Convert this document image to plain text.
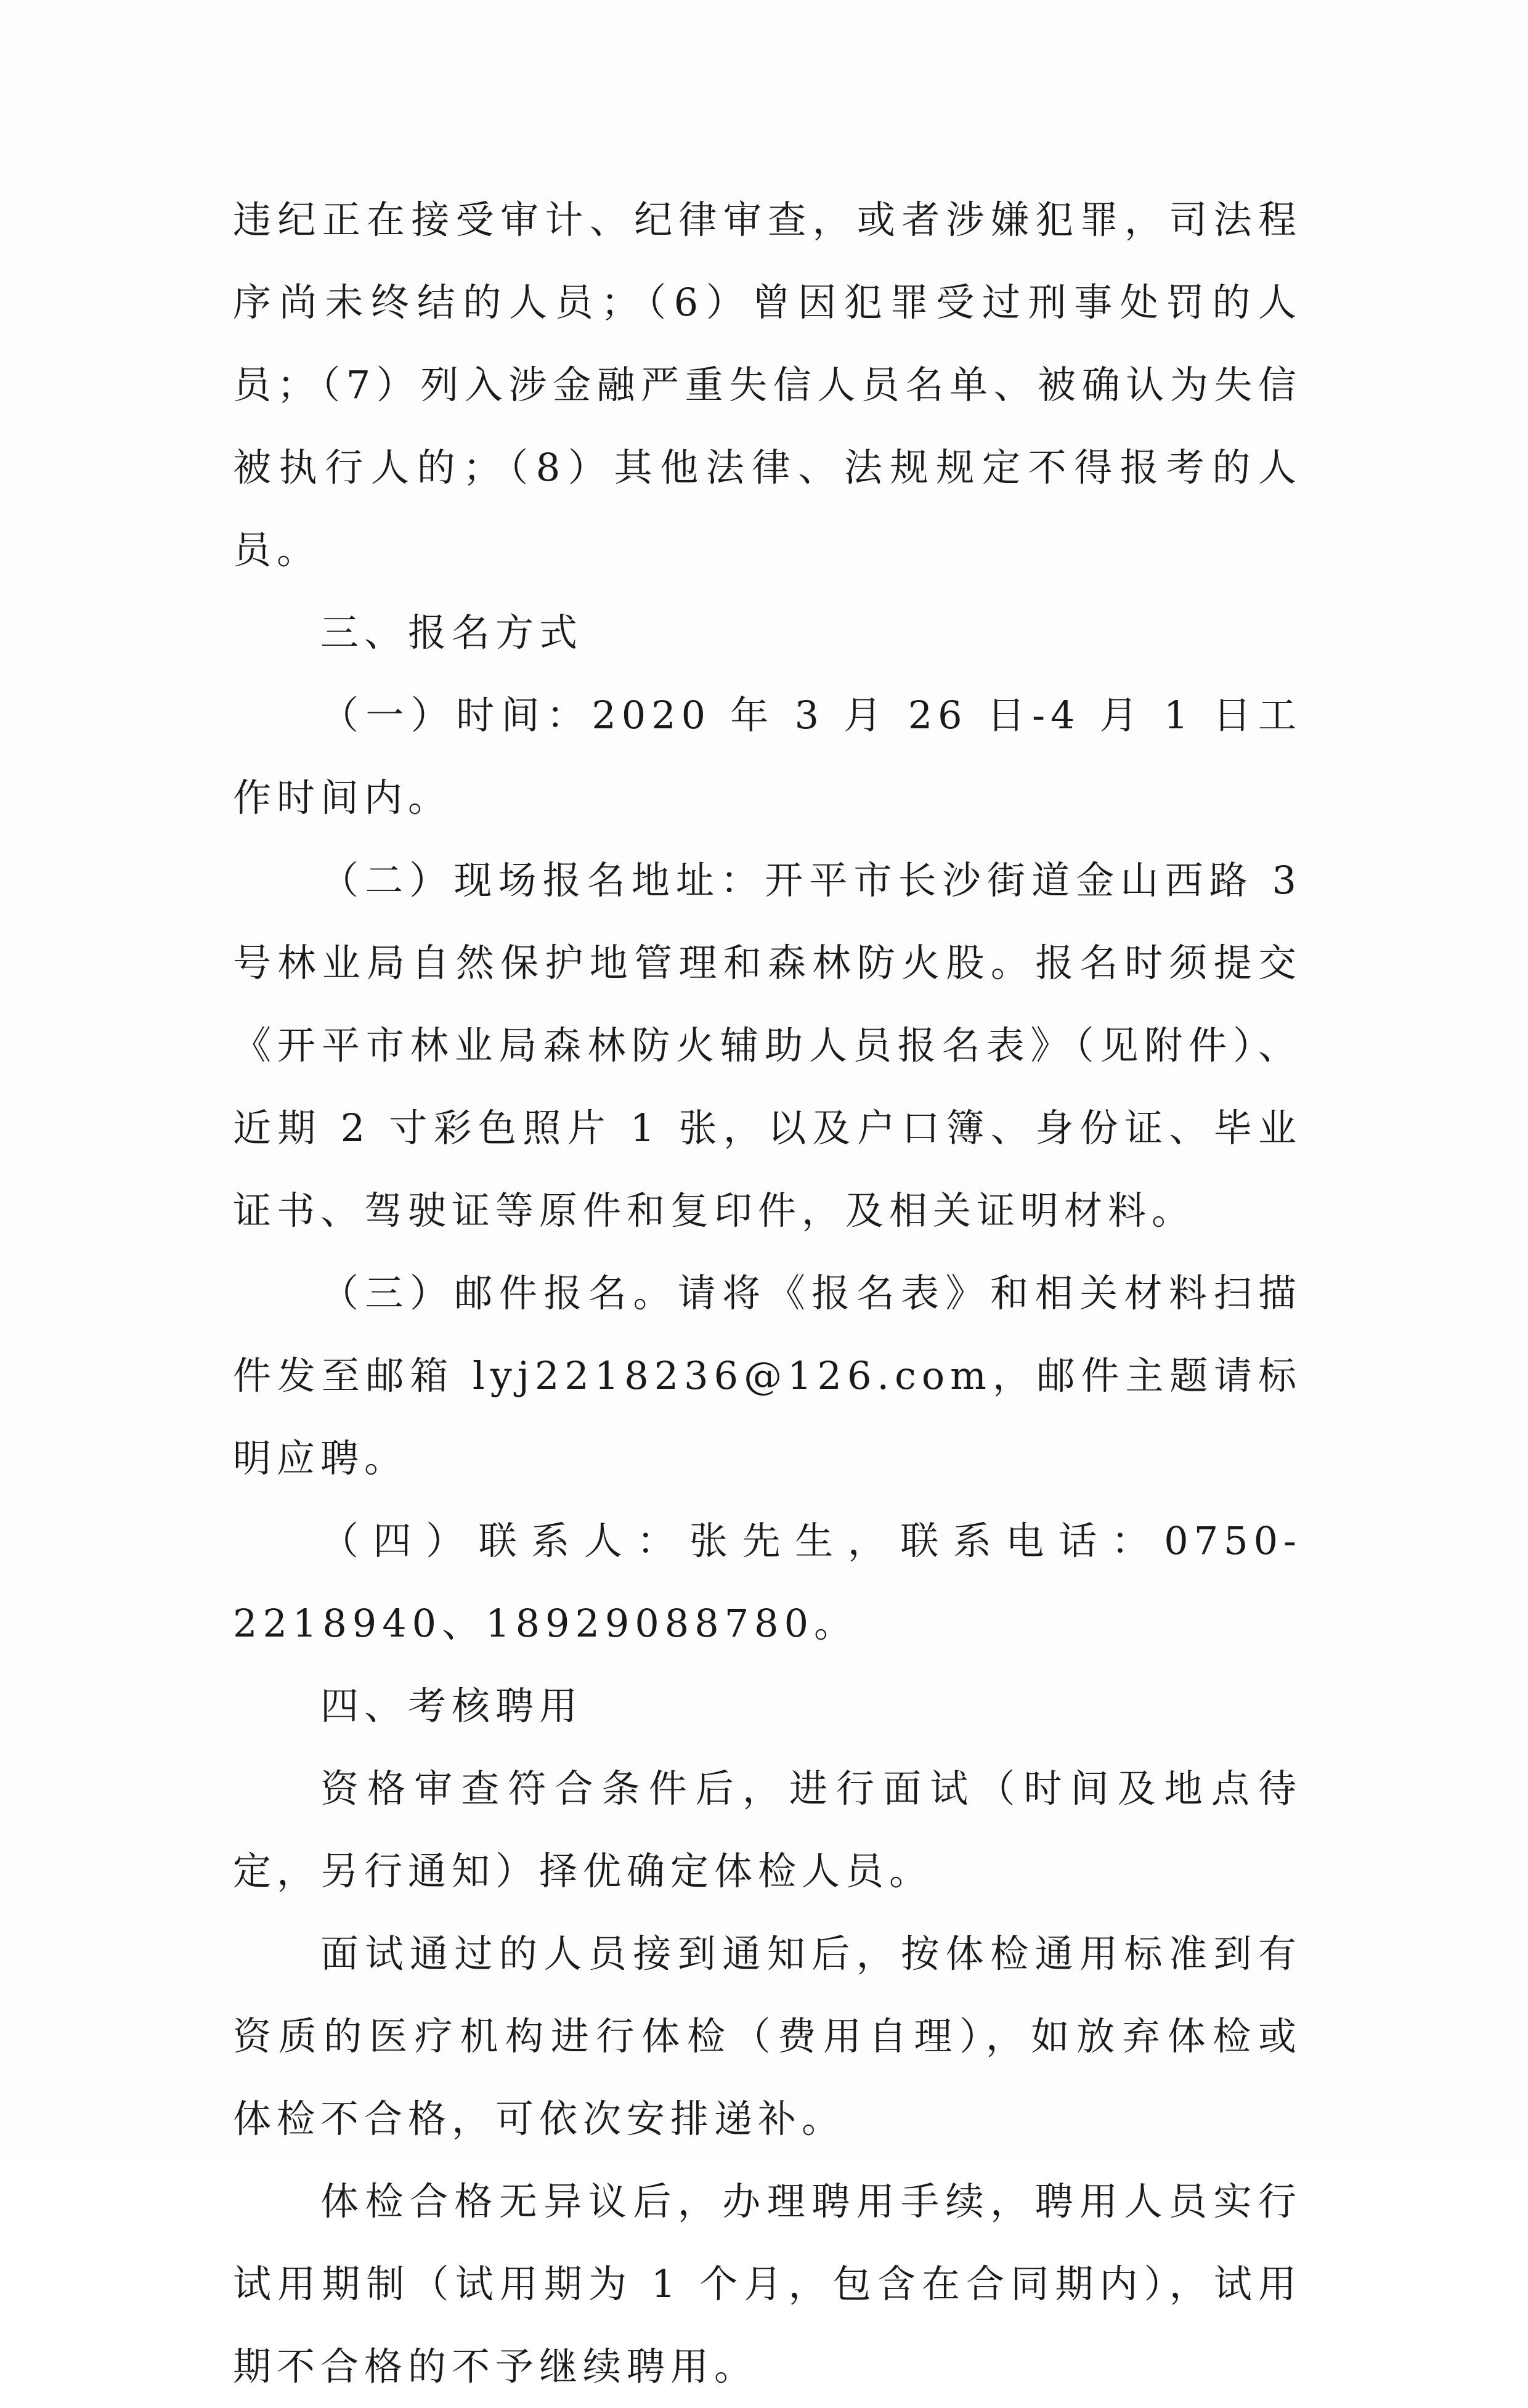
违纪正在接受审计、纪律审查，或者涉嫌犯罪，司法程序尚未终结的人员；（6）曾因犯罪受过刑事处罚的人员；（7）列入涉金融严重失信人员名单、被确认为失信被执行人的；（8）其他法律、法规规定不得报考的人员。

三、报名方式

（一）时间：2020 年 3 月 26 日-4 月 1 日工作时间内。

（二）现场报名地址：开平市长沙街道金山西路 3 号林业局自然保护地管理和森林防火股。报名时须提交《开平市林业局森林防火辅助人员报名表》（见附件）、近期 2 寸彩色照片 1 张，以及户口簿、身份证、毕业证书、驾驶证等原件和复印件，及相关证明材料。

（三）邮件报名。请将《报名表》和相关材料扫描件发至邮箱 lyj2218236@126.com，邮件主题请标明应聘。

（四）联系人：张先生，联系电话：0750-2218940、18929088780。

四、考核聘用

资格审查符合条件后，进行面试（时间及地点待定，另行通知）择优确定体检人员。

面试通过的人员接到通知后，按体检通用标准到有资质的医疗机构进行体检（费用自理），如放弃体检或体检不合格，可依次安排递补。

体检合格无异议后，办理聘用手续，聘用人员实行试用期制（试用期为 1 个月，包含在合同期内），试用期不合格的不予继续聘用。
